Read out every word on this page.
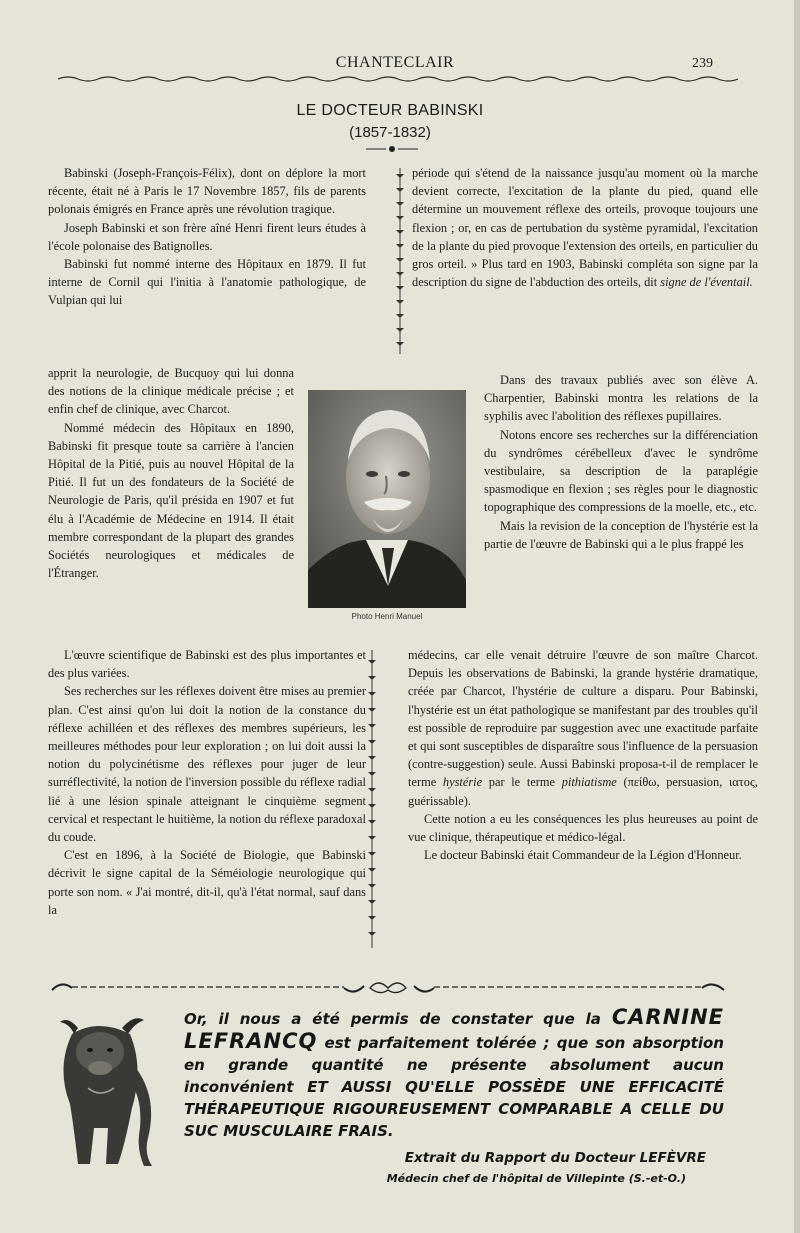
CHANTECLAIR	239
LE DOCTEUR BABINSKI
(1857-1832)

Babinski (Joseph-François-Félix), dont on déplore la mort récente, était né à Paris le 17 Novembre 1857, fils de parents polonais émigrés en France après une révolution tragique.

Joseph Babinski et son frère aîné Henri firent leurs études à l'école polonaise des Batignolles.

Babinski fut nommé interne des Hôpitaux en 1879. Il fut interne de Cornil qui l'initia à l'anatomie pathologique, de Vulpian qui lui

période qui s'étend de la naissance jusqu'au moment où la marche devient correcte, l'excitation de la plante du pied, quand elle détermine un mouvement réflexe des orteils, provoque toujours une flexion ; or, en cas de pertubation du système pyramidal, l'excitation de la plante du pied provoque l'extension des orteils, en particulier du gros orteil. » Plus tard en 1903, Babinski compléta son signe par la description du signe de l'abduction des orteils, dit signe de l'éventail.

apprit la neurologie, de Bucquoy qui lui donna des notions de la clinique médicale précise ; et enfin chef de clinique, avec Charcot.

Nommé médecin des Hôpitaux en 1890, Babinski fit presque toute sa carrière à l'ancien Hôpital de la Pitié, puis au nouvel Hôpital de la Pitié. Il fut un des fondateurs de la Société de Neurologie de Paris, qu'il présida en 1907 et fut élu à l'Académie de Médecine en 1914. Il était membre correspondant de la plupart des grandes Sociétés neurologiques et médicales de l'Étranger.

Photo Henri Manuel

Dans des travaux publiés avec son élève A. Charpentier, Babinski montra les relations de la syphilis avec l'abolition des réflexes pupillaires.

Notons encore ses recherches sur la différenciation du syndrômes cérébelleux d'avec le syndrôme vestibulaire, sa description de la paraplégie spasmodique en flexion ; ses règles pour le diagnostic topographique des compressions de la moelle, etc., etc.

Mais la revision de la conception de l'hystérie est la partie de l'œuvre de Babinski qui a le plus frappé les

L'œuvre scientifique de Babinski est des plus importantes et des plus variées.

Ses recherches sur les réflexes doivent être mises au premier plan. C'est ainsi qu'on lui doit la notion de la constance du réflexe achilléen et des réflexes des membres supérieurs, les meilleures méthodes pour leur exploration ; on lui doit aussi la notion du polycinétisme des réflexes pour juger de leur surréflectivité, la notion de l'inversion possible du réflexe radial lié à une lésion spinale atteignant le cinquième segment cervical et respectant le huitième, la notion du réflexe paradoxal du coude.

C'est en 1896, à la Société de Biologie, que Babinski décrivit le signe capital de la Séméiologie neurologique qui porte son nom. « J'ai montré, dit-il, qu'à l'état normal, sauf dans la

médecins, car elle venait détruire l'œuvre de son maître Charcot. Depuis les observations de Babinski, la grande hystérie dramatique, créée par Charcot, l'hystérie de culture a disparu. Pour Babinski, l'hystérie est un état pathologique se manifestant par des troubles qu'il est possible de reproduire par suggestion avec une exactitude parfaite et qui sont susceptibles de disparaître sous l'influence de la persuasion (contre-suggestion) seule. Aussi Babinski proposa-t-il de remplacer le terme hystérie par le terme pithiatisme (πείθω, persuasion, ιατος, guérissable).

Cette notion a eu les conséquences les plus heureuses au point de vue clinique, thérapeutique et médico-légal.

Le docteur Babinski était Commandeur de la Légion d'Honneur.

Or, il nous a été permis de constater que la CARNINE LEFRANCQ est parfaitement tolérée ; que son absorption en grande quantité ne présente absolument aucun inconvénient ET AUSSI QU'ELLE POSSÈDE UNE EFFICACITÉ THÉRAPEUTIQUE RIGOUREUSEMENT COMPARABLE A CELLE DU SUC MUSCULAIRE FRAIS.
Extrait du Rapport du Docteur LEFÈVRE
Médecin chef de l'hôpital de Villepinte (S.-et-O.)
